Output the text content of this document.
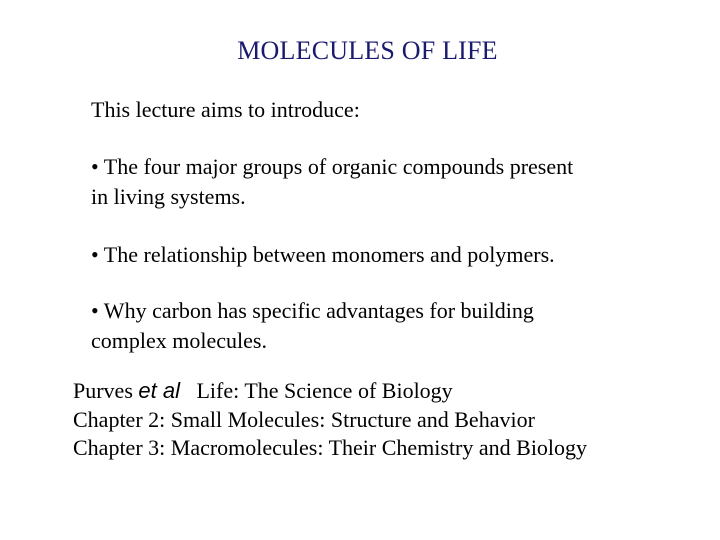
MOLECULES OF LIFE
This lecture aims to introduce:
• The four major groups of organic compounds present
in living systems.
• The relationship between monomers and polymers.
• Why carbon has specific advantages for building
complex molecules.
Purves et al   Life: The Science of Biology
Chapter 2: Small Molecules: Structure and Behavior
Chapter 3: Macromolecules: Their Chemistry and Biology
